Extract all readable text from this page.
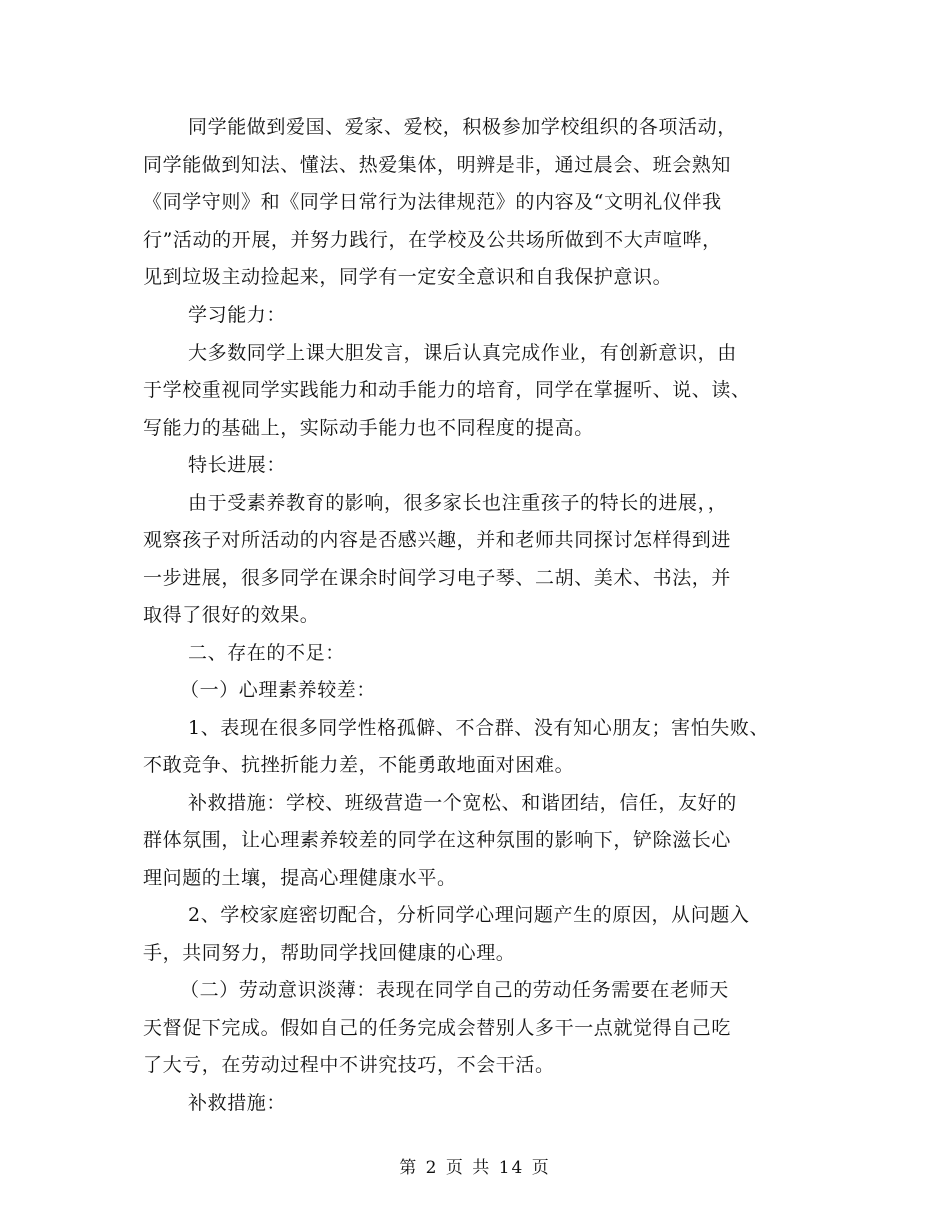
同学能做到爱国、爱家、爱校，积极参加学校组织的各项活动，
同学能做到知法、懂法、热爱集体，明辨是非，通过晨会、班会熟知
《同学守则》和《同学日常行为法律规范》的内容及“文明礼仪伴我
行”活动的开展，并努力践行，在学校及公共场所做到不大声喧哗，
见到垃圾主动捡起来，同学有一定安全意识和自我保护意识。
学习能力：
大多数同学上课大胆发言，课后认真完成作业，有创新意识，由
于学校重视同学实践能力和动手能力的培育，同学在掌握听、说、读、
写能力的基础上，实际动手能力也不同程度的提高。
特长进展：
由于受素养教育的影响，很多家长也注重孩子的特长的进展，，
观察孩子对所活动的内容是否感兴趣，并和老师共同探讨怎样得到进
一步进展，很多同学在课余时间学习电子琴、二胡、美术、书法，并
取得了很好的效果。
二、存在的不足：
（一）心理素养较差：
1、表现在很多同学性格孤僻、不合群、没有知心朋友；害怕失败、
不敢竞争、抗挫折能力差，不能勇敢地面对困难。
补救措施：学校、班级营造一个宽松、和谐团结，信任，友好的
群体氛围，让心理素养较差的同学在这种氛围的影响下，铲除滋长心
理问题的土壤，提高心理健康水平。
2、学校家庭密切配合，分析同学心理问题产生的原因，从问题入
手，共同努力，帮助同学找回健康的心理。
（二）劳动意识淡薄：表现在同学自己的劳动任务需要在老师天
天督促下完成。假如自己的任务完成会替别人多干一点就觉得自己吃
了大亏，在劳动过程中不讲究技巧，不会干活。
补救措施：
第 2 页 共 14 页
